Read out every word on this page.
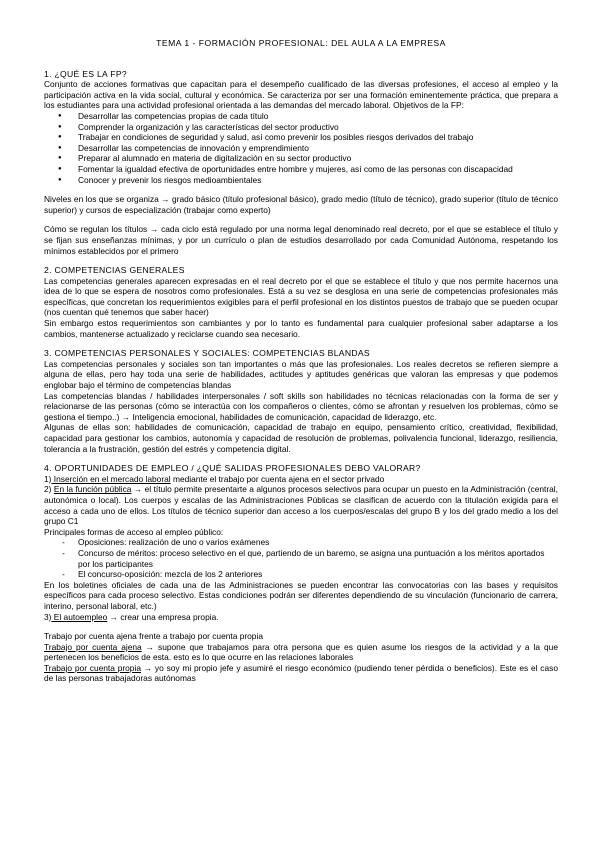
TEMA 1 - FORMACIÓN PROFESIONAL: DEL AULA A LA EMPRESA
1. ¿QUÉ ES LA FP?

Conjunto de acciones formativas que capacitan para el desempeño cualificado de las diversas profesiones, el acceso al empleo y la participación activa en la vida social, cultural y económica. Se caracteriza por ser una formación eminentemente práctica, que prepara a los estudiantes para una actividad profesional orientada a las demandas del mercado laboral. Objetivos de la FP:

● Desarrollar las competencias propias de cada título
● Comprender la organización y las características del sector productivo
● Trabajar en condiciones de seguridad y salud, así como prevenir los posibles riesgos derivados del trabajo
● Desarrollar las competencias de innovación y emprendimiento
● Preparar al alumnado en materia de digitalización en su sector productivo
● Fomentar la igualdad efectiva de oportunidades entre hombre y mujeres, así como de las personas con discapacidad
● Conocer y prevenir los riesgos medioambientales

Niveles en los que se organiza → grado básico (título profesional básico), grado medio (título de técnico), grado superior (título de técnico superior) y cursos de especialización (trabajar como experto)

Cómo se regulan los títulos → cada ciclo está regulado por una norma legal denominado real decreto, por el que se establece el título y se fijan sus enseñanzas mínimas, y por un currículo o plan de estudios desarrollado por cada Comunidad Autónoma, respetando los mínimos establecidos por el primero

2. COMPETENCIAS GENERALES

Las competencias generales aparecen expresadas en el real decreto por el que se establece el título y que nos permite hacernos una idea de lo que se espera de nosotros como profesionales. Está a su vez se desglosa en una serie de competencias profesionales más específicas, que concretan los requerimientos exigibles para el perfil profesional en los distintos puestos de trabajo que se pueden ocupar (nos cuentan qué tenemos que saber hacer)

Sin embargo estos requerimientos son cambiantes y por lo tanto es fundamental para cualquier profesional saber adaptarse a los cambios, mantenerse actualizado y reciclarse cuando sea necesario.

3. COMPETENCIAS PERSONALES Y SOCIALES: COMPETENCIAS BLANDAS

Las competencias personales y sociales son tan importantes o más que las profesionales. Los reales decretos se refieren siempre a alguna de ellas, pero hay toda una serie de habilidades, actitudes y aptitudes genéricas que valoran las empresas y que podemos englobar bajo el término de competencias blandas

Las competencias blandas / habilidades interpersonales / soft skills son habilidades no técnicas relacionadas con la forma de ser y relacionarse de las personas (cómo se interactúa con los compañeros o clientes, cómo se afrontan y resuelven los problemas, cómo se gestiona el tiempo..) → Inteligencia emocional, habilidades de comunicación, capacidad de liderazgo, etc.

Algunas de ellas son: habilidades de comunicación, capacidad de trabajo en equipo, pensamiento crítico, creatividad, flexibilidad, capacidad para gestionar los cambios, autonomía y capacidad de resolución de problemas, polivalencia funcional, liderazgo, resiliencia, tolerancia a la frustración, gestión del estrés y competencia digital.

4. OPORTUNIDADES DE EMPLEO / ¿QUÉ SALIDAS PROFESIONALES DEBO VALORAR?

1) Inserción en el mercado laboral mediante el trabajo por cuenta ajena en el sector privado

2) En la función pública → el título permite presentarte a algunos procesos selectivos para ocupar un puesto en la Administración (central, autonómica o local). Los cuerpos y escalas de las Administraciones Públicas se clasifican de acuerdo con la titulación exigida para el acceso a cada uno de ellos. Los títulos de técnico superior dan acceso a los cuerpos/escalas del grupo B y los del grado medio a los del grupo C1

Principales formas de acceso al empleo público:

- Oposiciones: realización de uno o varios exámenes
- Concurso de méritos: proceso selectivo en el que, partiendo de un baremo, se asigna una puntuación a los méritos aportados por los participantes
- El concurso-oposición: mezcla de los 2 anteriores

En los boletines oficiales de cada una de las Administraciones se pueden encontrar las convocatorias con las bases y requisitos específicos para cada proceso selectivo. Estas condiciones podrán ser diferentes dependiendo de su vinculación (funcionario de carrera, interino, personal laboral, etc.)

3) El autoempleo → crear una empresa propia.

Trabajo por cuenta ajena frente a trabajo por cuenta propia

Trabajo por cuenta ajena → supone que trabajamos para otra persona que es quien asume los riesgos de la actividad y a la que pertenecen los beneficios de esta. esto es lo que ocurre en las relaciones laborales

Trabajo por cuenta propia → yo soy mi propio jefe y asumiré el riesgo económico (pudiendo tener pérdida o beneficios). Este es el caso de las personas trabajadoras autónomas
